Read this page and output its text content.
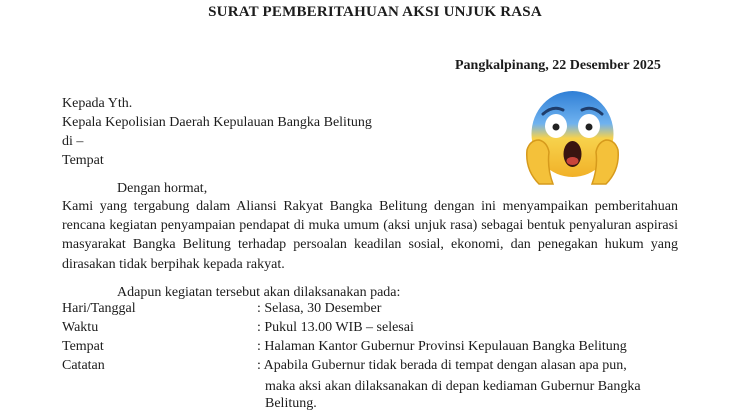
SURAT PEMBERITAHUAN AKSI UNJUK RASA
Pangkalpinang, 22 Desember 2025
Kepada Yth.
Kepala Kepolisian Daerah Kepulauan Bangka Belitung
di –
Tempat
Dengan hormat,
Kami yang tergabung dalam Aliansi Rakyat Bangka Belitung dengan ini menyampaikan pemberitahuan rencana kegiatan penyampaian pendapat di muka umum (aksi unjuk rasa) sebagai bentuk penyaluran aspirasi masyarakat Bangka Belitung terhadap persoalan keadilan sosial, ekonomi, dan penegakan hukum yang dirasakan tidak berpihak kepada rakyat.
Adapun kegiatan tersebut akan dilaksanakan pada:
Hari/Tanggal	: Selasa, 30 Desember
Waktu	: Pukul 13.00 WIB – selesai
Tempat	: Halaman Kantor Gubernur Provinsi Kepulauan Bangka Belitung
Catatan	: Apabila Gubernur tidak berada di tempat dengan alasan apa pun,
maka aksi akan dilaksanakan di depan kediaman Gubernur Bangka
Belitung.
